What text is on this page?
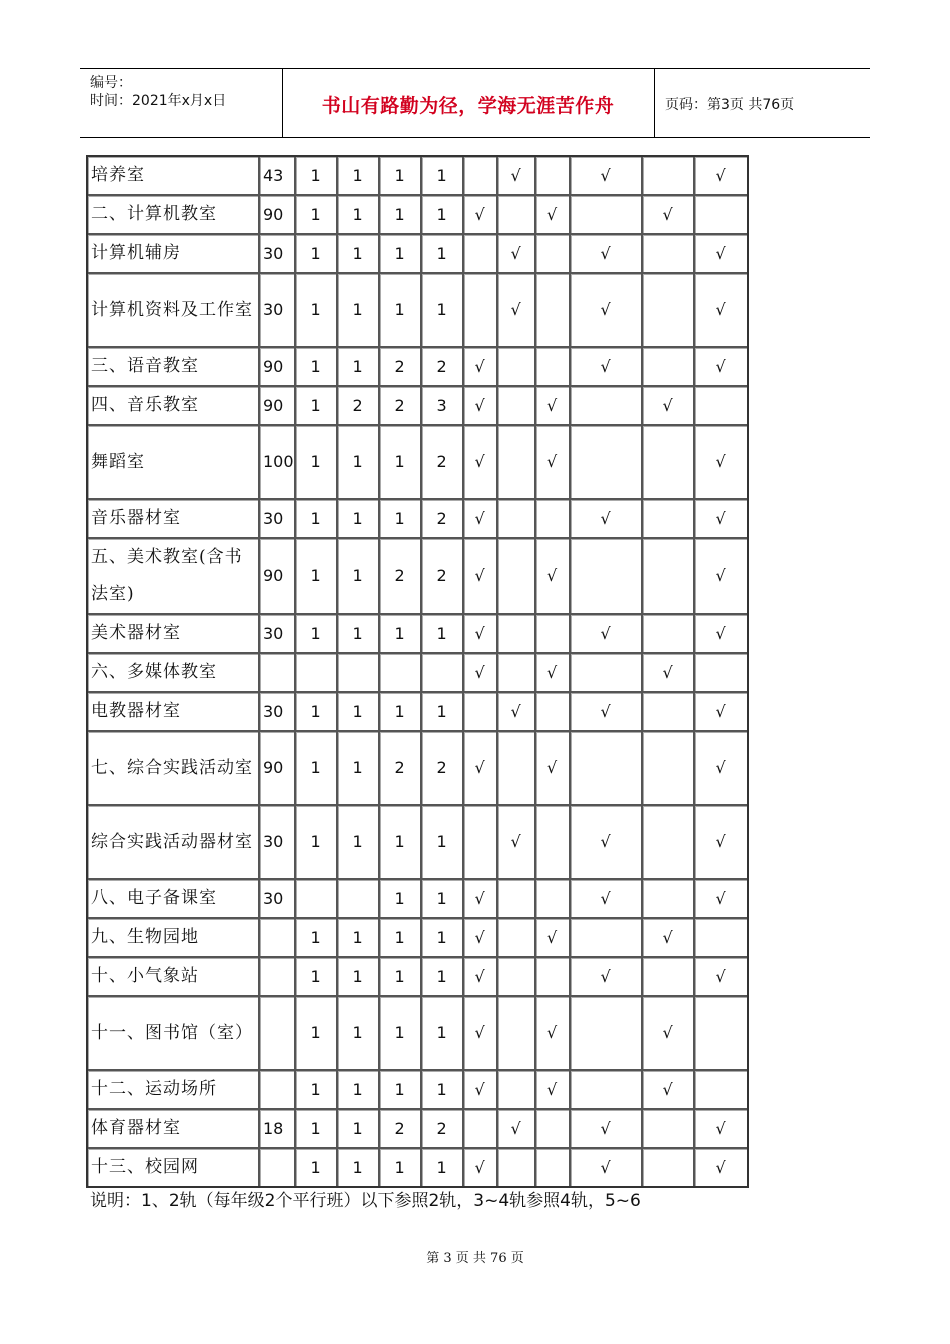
编号：
时间：2021年x月x日	书山有路勤为径，学海无涯苦作舟	页码：第3页 共76页
培养室	43	1	1	1	1		√		√		√
二、计算机教室	90	1	1	1	1	√		√		√	
计算机辅房	30	1	1	1	1		√		√		√
计算机资料及工作室	30	1	1	1	1		√		√		√
三、语音教室	90	1	1	2	2	√			√		√
四、音乐教室	90	1	2	2	3	√		√		√	
舞蹈室	100	1	1	1	2	√		√			√
音乐器材室	30	1	1	1	2	√			√		√
五、美术教室(含书法室)	90	1	1	2	2	√		√			√
美术器材室	30	1	1	1	1	√			√		√
六、多媒体教室						√		√		√	
电教器材室	30	1	1	1	1		√		√		√
七、综合实践活动室	90	1	1	2	2	√		√			√
综合实践活动器材室	30	1	1	1	1		√		√		√
八、电子备课室	30			1	1	√			√		√
九、生物园地		1	1	1	1	√		√		√	
十、小气象站		1	1	1	1	√			√		√
十一、图书馆（室）		1	1	1	1	√		√		√	
十二、运动场所		1	1	1	1	√		√		√	
体育器材室	18	1	1	2	2		√		√		√
十三、校园网		1	1	1	1	√			√		√
说明：1、2轨（每年级2个平行班）以下参照2轨，3~4轨参照4轨，5~6
第 3 页 共 76 页
